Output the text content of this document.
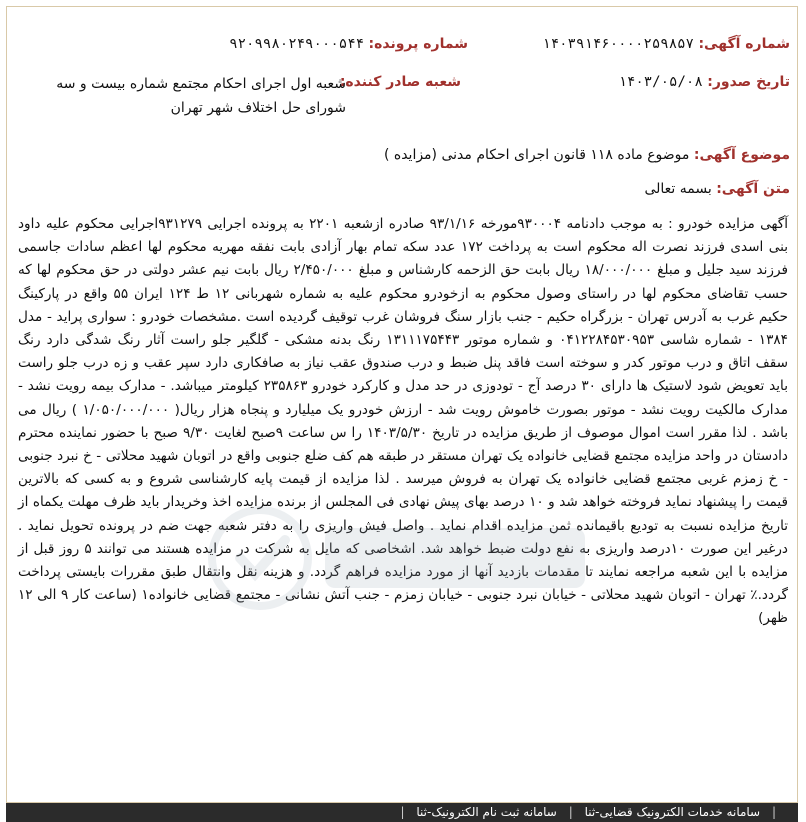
شماره آگهی: ۱۴۰۳۹۱۴۶۰۰۰۰۲۵۹۸۵۷
شماره پرونده: ۹۲۰۹۹۸۰۲۴۹۰۰۰۵۴۴
تاریخ صدور: ۱۴۰۳/۰۵/۰۸
شعبه صادر کننده:
شعبه اول اجرای احکام مجتمع شماره بیست و سه شورای حل اختلاف شهر تهران
موضوع آگهی: موضوع ماده ۱۱۸ قانون اجرای احکام مدنی (مزایده )
متن آگهی: بسمه تعالی
آگهی مزایده خودرو : به موجب دادنامه ۹۳۰۰۰۴مورخه ۹۳/۱/۱۶ صادره ازشعبه ۲۲۰۱ به پرونده اجرایی ۹۳۱۲۷۹اجرایی محکوم علیه داود بنی اسدی فرزند نصرت اله محکوم است به پرداخت ۱۷۲ عدد سکه تمام بهار آزادی بابت نفقه مهریه محکوم لها اعظم سادات جاسمی فرزند سید جلیل و مبلغ ۱۸/۰۰۰/۰۰۰ ریال بابت حق الزحمه کارشناس و مبلغ ۲/۴۵۰/۰۰۰ ریال بابت نیم عشر دولتی در حق محکوم لها که حسب تقاضای محکوم لها در راستای وصول محکوم به ازخودرو محکوم علیه به شماره شهربانی ۱۲ ط ۱۲۴ ایران ۵۵ واقع در پارکینگ حکیم غرب به آدرس تهران - بزرگراه حکیم - جنب بازار سنگ فروشان غرب توقیف گردیده است .مشخصات خودرو : سواری پراید - مدل ۱۳۸۴ - شماره شاسی ۰۴۱۲۲۸۴۵۳۰۹۵۳ و شماره موتور ۱۳۱۱۱۷۵۴۴۳ رنگ بدنه مشکی - گلگیر جلو راست آثار رنگ شدگی دارد رنگ سقف اتاق و درب موتور کدر و سوخته است فاقد پنل ضبط و درب صندوق عقب نیاز به صافکاری دارد سپر عقب و زه درب جلو راست باید تعویض شود لاستیک ها دارای ۳۰ درصد آج - تودوزی در حد مدل و کارکرد خودرو ۲۳۵۸۶۳ کیلومتر میباشد. - مدارک بیمه رویت نشد - مدارک مالکیت رویت نشد - موتور بصورت خاموش رویت شد - ارزش خودرو یک میلیارد و پنجاه هزار ریال( ۱/۰۵۰/۰۰۰/۰۰۰ ) ریال می باشد . لذا مقرر است اموال موصوف از طریق مزایده در تاریخ ۱۴۰۳/۵/۳۰ را س ساعت ۹صبح لغایت ۹/۳۰ صبح با حضور نماینده محترم دادستان در واحد مزایده مجتمع قضایی خانواده یک تهران مستقر در طبقه هم کف ضلع جنوبی واقع در اتوبان شهید محلاتی - خ نبرد جنوبی - خ زمزم غربی مجتمع قضایی خانواده یک تهران به فروش میرسد . لذا مزایده از قیمت پایه کارشناسی شروع و به کسی که بالاترین قیمت را پیشنهاد نماید فروخته خواهد شد و ۱۰ درصد بهای پیش نهادی فی المجلس از برنده مزایده اخذ وخریدار باید ظرف مهلت یکماه از تاریخ مزایده نسبت به تودیع باقیمانده ثمن مزایده اقدام نماید . واصل فیش واریزی را به دفتر شعبه جهت ضم در پرونده تحویل نماید . درغیر این صورت ۱۰درصد واریزی به نفع دولت ضبط خواهد شد. اشخاصی که مایل به شرکت در مزایده هستند می توانند ۵ روز قبل از مزایده با این شعبه مراجعه نمایند تا مقدمات بازدید آنها از مورد مزایده فراهم گردد. و هزینه نقل وانتقال طبق مقررات بایستی پرداخت گردد.٪ تهران - اتوبان شهید محلاتی - خیابان نبرد جنوبی - خیابان زمزم - جنب آتش نشانی - مجتمع قضایی خانواده۱ (ساعت کار ۹ الی ۱۲ ظهر)
| سامانه خدمات الکترونیک قضایی-ثنا | سامانه ثبت نام الکترونیک-ثنا |
